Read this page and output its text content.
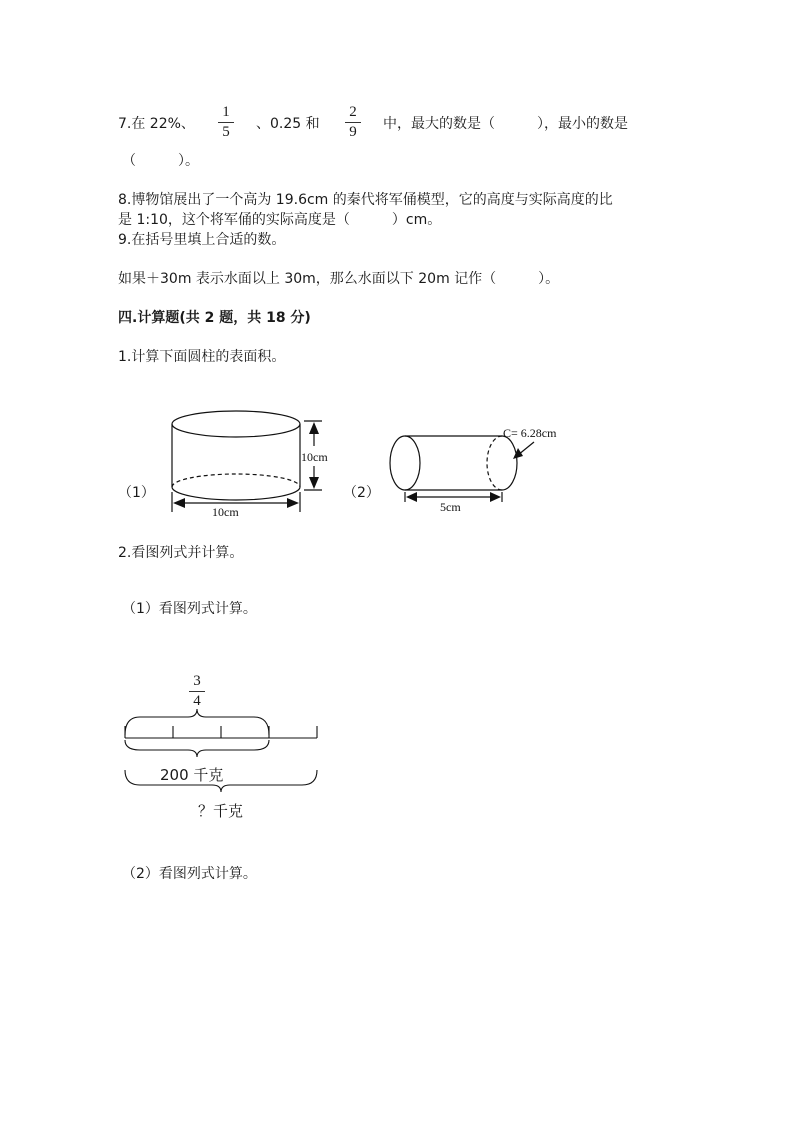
7.在 22%、
1
5	、0.25 和
2
9	中，最大的数是（　　　），最小的数是
（　　　）。
8.博物馆展出了一个高为 19.6cm 的秦代将军俑模型，它的高度与实际高度的比
是 1:10，这个将军俑的实际高度是（　　　）cm。
9.在括号里填上合适的数。
如果＋30m 表示水面以上 30m，那么水面以下 20m 记作（　　　）。
四.计算题(共 2 题，共 18 分)
1.计算下面圆柱的表面积。
（1）	（2）
10cm
10cm
C= 6.28cm
5cm
2.看图列式并计算。
（1）看图列式计算。
3
4
200 千克
？千克
（2）看图列式计算。
